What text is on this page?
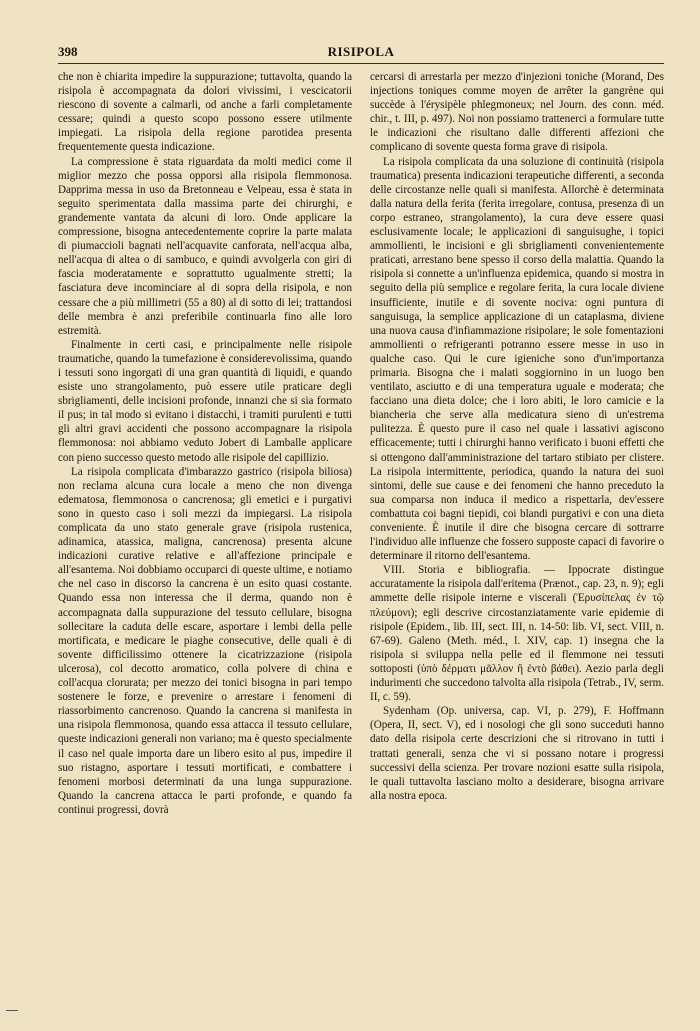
398	RISIPOLA

che non è chiarita impedire la suppurazione; tuttavolta, quando la risipola è accompagnata da dolori vivissimi, i vescicatorii riescono di sovente a calmarli, od anche a farli completamente cessare; quindi a questo scopo possono essere utilmente impiegati. La risipola della regione parotidea presenta frequentemente questa indicazione.

La compressione è stata riguardata da molti medici come il miglior mezzo che possa opporsi alla risipola flemmonosa. Dapprima messa in uso da Bretonneau e Velpeau, essa è stata in seguito sperimentata dalla massima parte dei chirurghi, e grandemente vantata da alcuni di loro. Onde applicare la compressione, bisogna antecedentemente coprire la parte malata di piumaccioli bagnati nell'acquavite canforata, nell'acqua alba, nell'acqua di altea o di sambuco, e quindi avvolgerla con giri di fascia moderatamente e soprattutto ugualmente stretti; la fasciatura deve incominciare al di sopra della risipola, e non cessare che a più millimetri (55 a 80) al di sotto di lei; trattandosi delle membra è anzi preferibile continuarla fino alle loro estremità.

Finalmente in certi casi, e principalmente nelle risipole traumatiche, quando la tumefazione è considerevolissima, quando i tessuti sono ingorgati di una gran quantità di liquidi, e quando esiste uno strangolamento, può essere utile praticare degli sbrigliamenti, delle incisioni profonde, innanzi che si sia formato il pus; in tal modo si evitano i distacchi, i tramiti purulenti e tutti gli altri gravi accidenti che possono accompagnare la risipola flemmonosa: noi abbiamo veduto Jobert di Lamballe applicare con pieno successo questo metodo alle risipole del capillizio.

La risipola complicata d'imbarazzo gastrico (risipola biliosa) non reclama alcuna cura locale a meno che non divenga edematosa, flemmonosa o cancrenosa; gli emetici e i purgativi sono in questo caso i soli mezzi da impiegarsi. La risipola complicata da uno stato generale grave (risipola rustenica, adinamica, atassica, maligna, cancrenosa) presenta alcune indicazioni curative relative e all'affezione principale e all'esantema. Noi dobbiamo occuparci di queste ultime, e notiamo che nel caso in discorso la cancrena è un esito quasi costante. Quando essa non interessa che il derma, quando non è accompagnata dalla suppurazione del tessuto cellulare, bisogna sollecitare la caduta delle escare, asportare i lembi della pelle mortificata, e medicare le piaghe consecutive, delle quali è di sovente difficilissimo ottenere la cicatrizzazione (risipola ulcerosa), col decotto aromatico, colla polvere di china e coll'acqua clorurata; per mezzo dei tonici bisogna in pari tempo sostenere le forze, e prevenire o arrestare i fenomeni di riassorbimento cancrenoso. Quando la cancrena si manifesta in una risipola flemmonosa, quando essa attacca il tessuto cellulare, queste indicazioni generali non variano; ma è questo specialmente il caso nel quale importa dare un libero esito al pus, impedire il suo ristagno, asportare i tessuti mortificati, e combattere i fenomeni morbosi determinati da una lunga suppurazione. Quando la cancrena attacca le parti profonde, e quando fa continui progressi, dovrà

cercarsi di arrestarla per mezzo d'injezioni toniche (Morand, Des injections toniques comme moyen de arrêter la gangrène qui succède à l'érysipèle phlegmoneux; nel Journ. des conn. méd. chir., t. III, p. 497). Noi non possiamo trattenerci a formulare tutte le indicazioni che risultano dalle differenti affezioni che complicano di sovente questa forma grave di risipola.

La risipola complicata da una soluzione di continuità (risipola traumatica) presenta indicazioni terapeutiche differenti, a seconda delle circostanze nelle quali si manifesta. Allorchè è determinata dalla natura della ferita (ferita irregolare, contusa, presenza di un corpo estraneo, strangolamento), la cura deve essere quasi esclusivamente locale; le applicazioni di sanguisughe, i topici ammollienti, le incisioni e gli sbrigliamenti convenientemente praticati, arrestano bene spesso il corso della malattia. Quando la risipola si connette a un'influenza epidemica, quando si mostra in seguito della più semplice e regolare ferita, la cura locale diviene insufficiente, inutile e di sovente nociva: ogni puntura di sanguisuga, la semplice applicazione di un cataplasma, diviene una nuova causa d'infiammazione risipolare; le sole fomentazioni ammollienti o refrigeranti potranno essere messe in uso in qualche caso. Qui le cure igieniche sono d'un'importanza primaria. Bisogna che i malati soggiornino in un luogo ben ventilato, asciutto e di una temperatura uguale e moderata; che facciano una dieta dolce; che i loro abiti, le loro camicie e la biancheria che serve alla medicatura sieno di un'estrema pulitezza. È questo pure il caso nel quale i lassativi agiscono efficacemente; tutti i chirurghi hanno verificato i buoni effetti che si ottengono dall'amministrazione del tartaro stibiato per clistere. La risipola intermittente, periodica, quando la natura dei suoi sintomi, delle sue cause e dei fenomeni che hanno preceduto la sua comparsa non induca il medico a rispettarla, dev'essere combattuta coi bagni tiepidi, coi blandi purgativi e con una dieta conveniente. È inutile il dire che bisogna cercare di sottrarre l'individuo alle influenze che fossero supposte capaci di favorire o determinare il ritorno dell'esantema.

VIII. Storia e bibliografia. — Ippocrate distingue accuratamente la risipola dall'eritema (Prænot., cap. 23, n. 9); egli ammette delle risipole interne e viscerali (Ἐρυσίπελας ἐν τῷ πλεύμονι); egli descrive circostanziatamente varie epidemie di risipole (Epidem., lib. III, sect. III, n. 14-50: lib. VI, sect. VIII, n. 67-69). Galeno (Meth. méd., l. XIV, cap. 1) insegna che la risipola si sviluppa nella pelle ed il flemmone nei tessuti sottoposti (ὑπὸ δέρματι μᾶλλον ἢ ἐντὸ βάθει). Aezio parla degli indurimenti che succedono talvolta alla risipola (Tetrab., IV, serm. II, c. 59).

Sydenham (Op. universa, cap. VI, p. 279), F. Hoffmann (Opera, II, sect. V), ed i nosologi che gli sono succeduti hanno dato della risipola certe descrizioni che si ritrovano in tutti i trattati generali, senza che vi si possano notare i progressi successivi della scienza. Per trovare nozioni esatte sulla risipola, le quali tuttavolta lasciano molto a desiderare, bisogna arrivare alla nostra epoca.
